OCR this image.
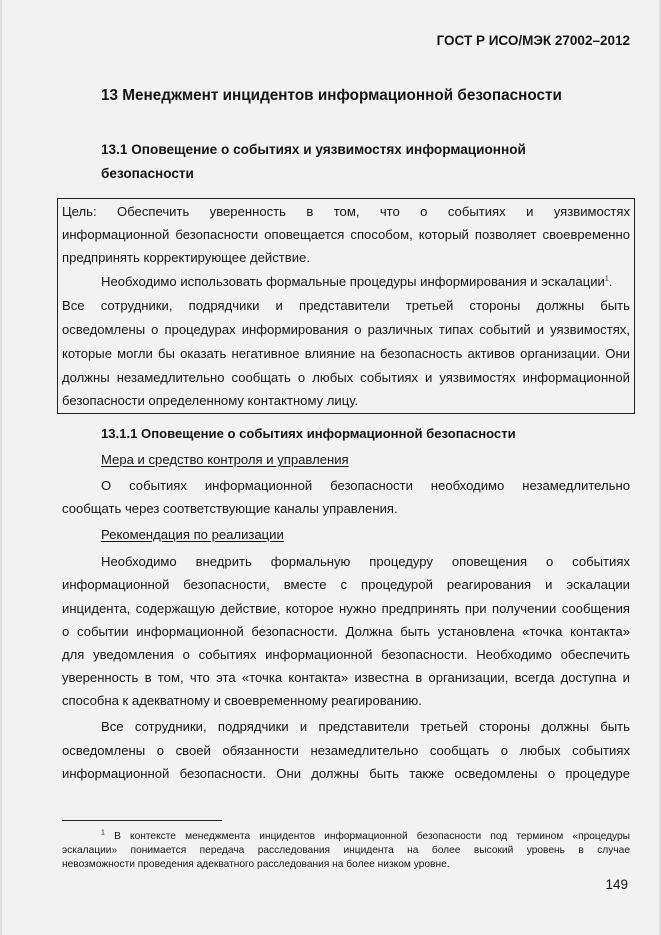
ГОСТ Р ИСО/МЭК 27002–2012
13 Менеджмент инцидентов информационной безопасности
13.1 Оповещение о событиях и уязвимостях информационной
безопасности
Цель: Обеспечить уверенность в том, что о событиях и уязвимостях
информационной безопасности оповещается способом, который позволяет своевременно
предпринять корректирующее действие.
Необходимо использовать формальные процедуры информирования и эскалации$^1$.
Все сотрудники, подрядчики и представители третьей стороны должны быть
осведомлены о процедурах информирования о различных типах событий и уязвимостях,
которые могли бы оказать негативное влияние на безопасность активов организации. Они
должны незамедлительно сообщать о любых событиях и уязвимостях информационной
безопасности определенному контактному лицу.
13.1.1 Оповещение о событиях информационной безопасности
Мера и средство контроля и управления
О событиях информационной безопасности необходимо незамедлительно
сообщать через соответствующие каналы управления.
Рекомендация по реализации
Необходимо внедрить формальную процедуру оповещения о событиях
информационной безопасности, вместе с процедурой реагирования и эскалации
инцидента, содержащую действие, которое нужно предпринять при получении сообщения
о событии информационной безопасности. Должна быть установлена «точка контакта»
для уведомления о событиях информационной безопасности. Необходимо обеспечить
уверенность в том, что эта «точка контакта» известна в организации, всегда доступна и
способна к адекватному и своевременному реагированию.
Все сотрудники, подрядчики и представители третьей стороны должны быть
осведомлены о своей обязанности незамедлительно сообщать о любых событиях
информационной безопасности. Они должны быть также осведомлены о процедуре
$^1$ В контексте менеджмента инцидентов информационной безопасности под термином «процедуры
эскалации» понимается передача расследования инцидента на более высокий уровень в случае
невозможности проведения адекватного расследования на более низком уровне.
149
